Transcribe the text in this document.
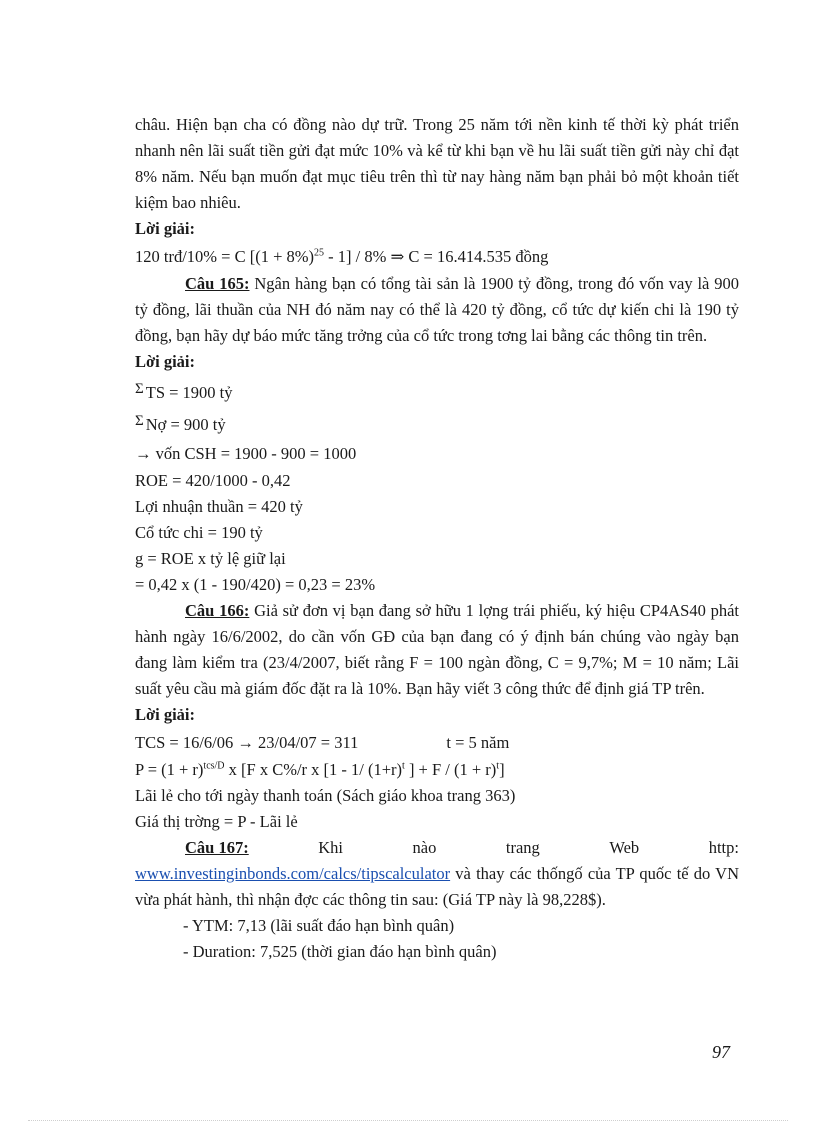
châu. Hiện bạn cha có đồng nào dự trữ. Trong 25 năm tới nền kinh tế thời kỳ phát triển nhanh nên lãi suất tiền gửi đạt mức 10% và kể từ khi bạn về hu lãi suất tiền gửi này chỉ đạt 8% năm. Nếu bạn muốn đạt mục tiêu trên thì từ nay hàng năm bạn phải bỏ một khoản tiết kiệm bao nhiêu.

Lời giải:

120 trđ/10% = C $[(1 + 8\%)^{25} - 1] / 8\%$ ⇒ C = 16.414.535 đồng

Câu 165: Ngân hàng bạn có tổng tài sản là 1900 tỷ đồng, trong đó vốn vay là 900 tỷ đồng, lãi thuần của NH đó năm nay có thể là 420 tỷ đồng, cổ tức dự kiến chi là 190 tỷ đồng, bạn hãy dự báo mức tăng trởng của cổ tức trong tơng lai bằng các thông tin trên.

Lời giải:

Σ TS = 1900 tỷ

Σ Nợ = 900 tỷ

→ vốn CSH = 1900 - 900 = 1000

ROE = 420/1000 - 0,42

Lợi nhuận thuần = 420 tỷ

Cổ tức chi = 190 tỷ

g = ROE x tỷ lệ giữ lại

= 0,42 x (1 - 190/420) = 0,23 = 23%

Câu 166: Giả sử đơn vị bạn đang sở hữu 1 lợng trái phiếu, ký hiệu CP4AS40 phát hành ngày 16/6/2002, do cần vốn GĐ của bạn đang có ý định bán chúng vào ngày bạn đang làm kiểm tra (23/4/2007, biết rằng F = 100 ngàn đồng, C = 9,7%; M = 10 năm; Lãi suất yêu cầu mà giám đốc đặt ra là 10%. Bạn hãy viết 3 công thức để định giá TP trên.

Lời giải:

TCS = 16/6/06 → 23/04/07 = 311	t = 5 năm

$P = (1 + r)^{tcs/D}$ x [F x C%/r x [1 - 1/ $(1+r)^t$ ] + $F / (1 + r)^t$]

Lãi lẻ cho tới ngày thanh toán (Sách giáo khoa trang 363)

Giá thị trờng = P - Lãi lẻ

Câu 167:	Khi	nào	trang	Web	http:

www.investinginbonds.com/calcs/tipscalculator và thay các thốngố của TP quốc tế do VN vừa phát hành, thì nhận đợc các thông tin sau: (Giá TP này là 98,228$).

- YTM: 7,13 (lãi suất đáo hạn bình quân)

- Duration: 7,525 (thời gian đáo hạn bình quân)

97
